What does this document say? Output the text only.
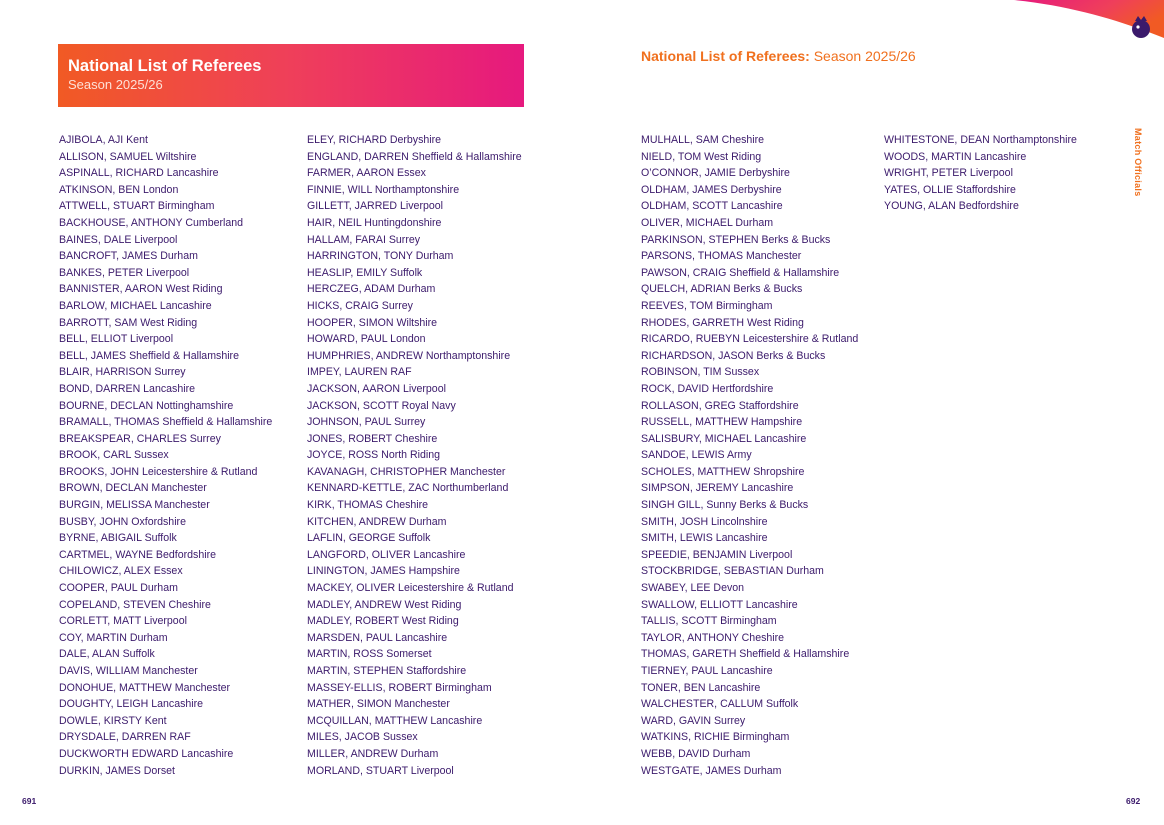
National List of Referees
Season 2025/26
National List of Referees: Season 2025/26
Match Officials
AJIBOLA, AJI Kent
ALLISON, SAMUEL Wiltshire
ASPINALL, RICHARD Lancashire
ATKINSON, BEN London
ATTWELL, STUART Birmingham
BACKHOUSE, ANTHONY Cumberland
BAINES, DALE Liverpool
BANCROFT, JAMES Durham
BANKES, PETER Liverpool
BANNISTER, AARON West Riding
BARLOW, MICHAEL Lancashire
BARROTT, SAM West Riding
BELL, ELLIOT Liverpool
BELL, JAMES Sheffield & Hallamshire
BLAIR, HARRISON Surrey
BOND, DARREN Lancashire
BOURNE, DECLAN Nottinghamshire
BRAMALL, THOMAS Sheffield & Hallamshire
BREAKSPEAR, CHARLES Surrey
BROOK, CARL Sussex
BROOKS, JOHN Leicestershire & Rutland
BROWN, DECLAN Manchester
BURGIN, MELISSA Manchester
BUSBY, JOHN Oxfordshire
BYRNE, ABIGAIL Suffolk
CARTMEL, WAYNE Bedfordshire
CHILOWICZ, ALEX Essex
COOPER, PAUL Durham
COPELAND, STEVEN Cheshire
CORLETT, MATT Liverpool
COY, MARTIN Durham
DALE, ALAN Suffolk
DAVIS, WILLIAM Manchester
DONOHUE, MATTHEW Manchester
DOUGHTY, LEIGH Lancashire
DOWLE, KIRSTY Kent
DRYSDALE, DARREN RAF
DUCKWORTH EDWARD Lancashire
DURKIN, JAMES Dorset
ELEY, RICHARD Derbyshire
ENGLAND, DARREN Sheffield & Hallamshire
FARMER, AARON Essex
FINNIE, WILL Northamptonshire
GILLETT, JARRED Liverpool
HAIR, NEIL Huntingdonshire
HALLAM, FARAI Surrey
HARRINGTON, TONY Durham
HEASLIP, EMILY Suffolk
HERCZEG, ADAM Durham
HICKS, CRAIG Surrey
HOOPER, SIMON Wiltshire
HOWARD, PAUL London
HUMPHRIES, ANDREW Northamptonshire
IMPEY, LAUREN RAF
JACKSON, AARON Liverpool
JACKSON, SCOTT Royal Navy
JOHNSON, PAUL Surrey
JONES, ROBERT Cheshire
JOYCE, ROSS North Riding
KAVANAGH, CHRISTOPHER Manchester
KENNARD-KETTLE, ZAC Northumberland
KIRK, THOMAS Cheshire
KITCHEN, ANDREW Durham
LAFLIN, GEORGE Suffolk
LANGFORD, OLIVER Lancashire
LININGTON, JAMES Hampshire
MACKEY, OLIVER Leicestershire & Rutland
MADLEY, ANDREW West Riding
MADLEY, ROBERT West Riding
MARSDEN, PAUL Lancashire
MARTIN, ROSS Somerset
MARTIN, STEPHEN Staffordshire
MASSEY-ELLIS, ROBERT Birmingham
MATHER, SIMON Manchester
MCQUILLAN, MATTHEW Lancashire
MILES, JACOB Sussex
MILLER, ANDREW Durham
MORLAND, STUART Liverpool
MULHALL, SAM Cheshire
NIELD, TOM West Riding
O’CONNOR, JAMIE Derbyshire
OLDHAM, JAMES Derbyshire
OLDHAM, SCOTT Lancashire
OLIVER, MICHAEL Durham
PARKINSON, STEPHEN Berks & Bucks
PARSONS, THOMAS Manchester
PAWSON, CRAIG Sheffield & Hallamshire
QUELCH, ADRIAN Berks & Bucks
REEVES, TOM Birmingham
RHODES, GARRETH West Riding
RICARDO, RUEBYN Leicestershire & Rutland
RICHARDSON, JASON Berks & Bucks
ROBINSON, TIM Sussex
ROCK, DAVID Hertfordshire
ROLLASON, GREG Staffordshire
RUSSELL, MATTHEW Hampshire
SALISBURY, MICHAEL Lancashire
SANDOE, LEWIS Army
SCHOLES, MATTHEW Shropshire
SIMPSON, JEREMY Lancashire
SINGH GILL, Sunny Berks & Bucks
SMITH, JOSH Lincolnshire
SMITH, LEWIS Lancashire
SPEEDIE, BENJAMIN Liverpool
STOCKBRIDGE, SEBASTIAN Durham
SWABEY, LEE Devon
SWALLOW, ELLIOTT Lancashire
TALLIS, SCOTT Birmingham
TAYLOR, ANTHONY Cheshire
THOMAS, GARETH Sheffield & Hallamshire
TIERNEY, PAUL Lancashire
TONER, BEN Lancashire
WALCHESTER, CALLUM Suffolk
WARD, GAVIN Surrey
WATKINS, RICHIE Birmingham
WEBB, DAVID Durham
WESTGATE, JAMES Durham
WHITESTONE, DEAN Northamptonshire
WOODS, MARTIN Lancashire
WRIGHT, PETER Liverpool
YATES, OLLIE Staffordshire
YOUNG, ALAN Bedfordshire
691	692
